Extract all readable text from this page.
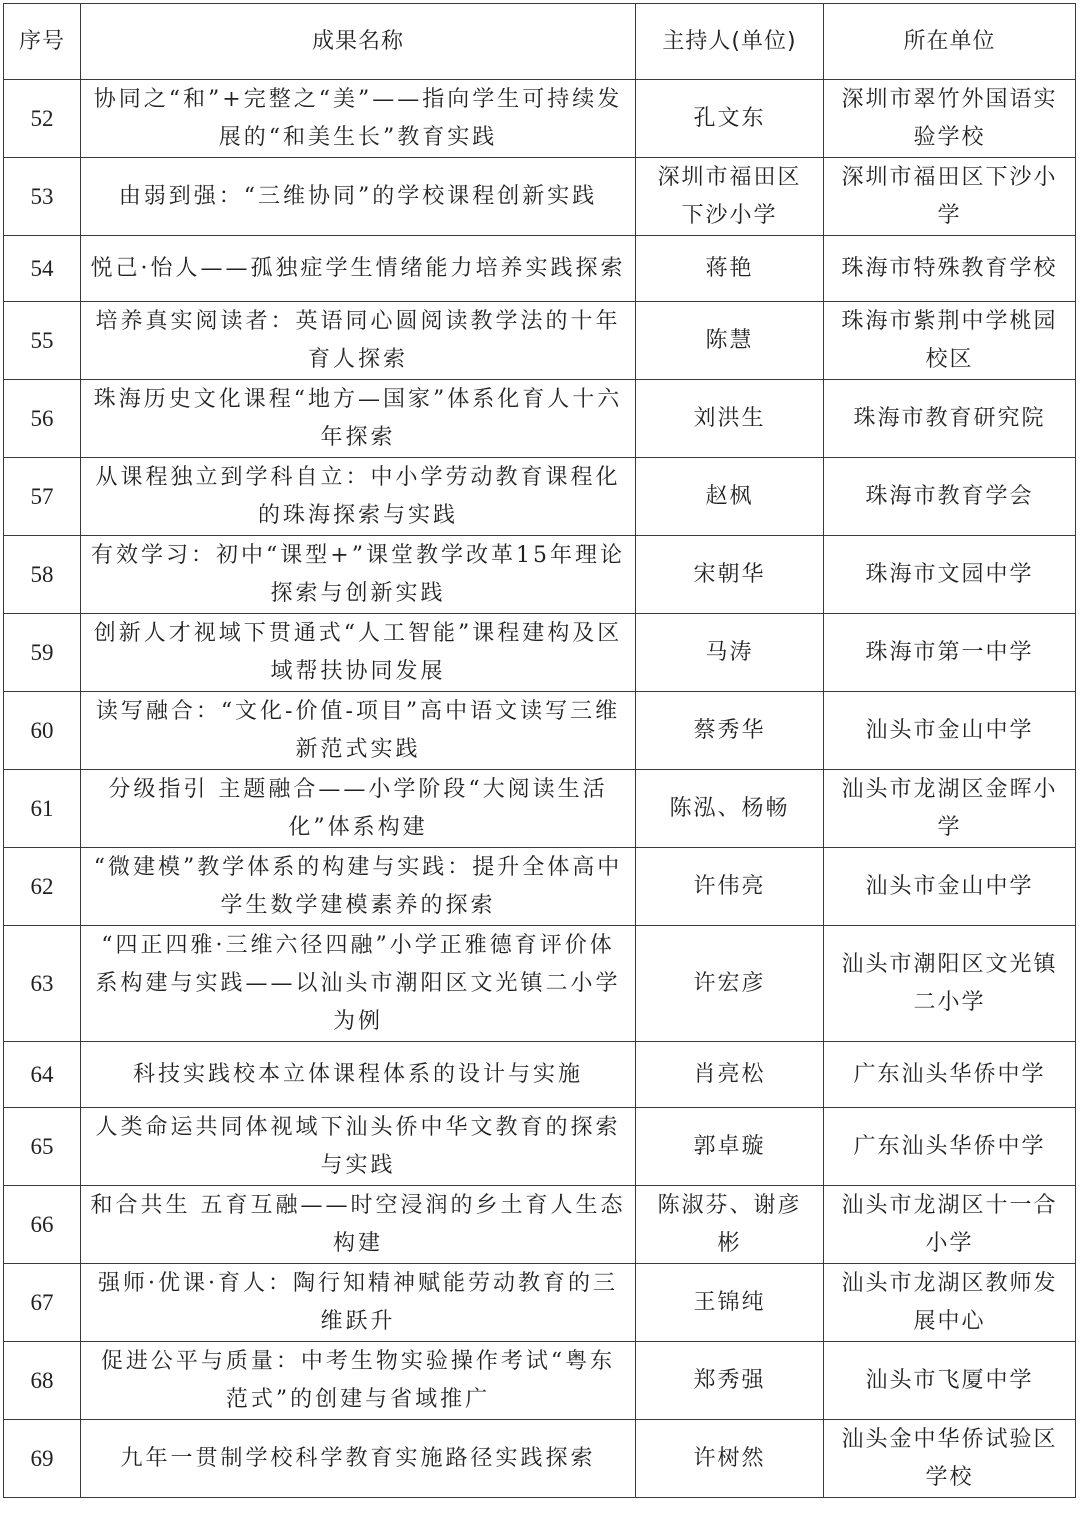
序号	成果名称	主持人(单位)	所在单位
52	协同之“和”+完整之“美”——指向学生可持续发展的“和美生长”教育实践	孔文东	深圳市翠竹外国语实验学校
53	由弱到强：“三维协同”的学校课程创新实践	深圳市福田区下沙小学	深圳市福田区下沙小学
54	悦己·怡人——孤独症学生情绪能力培养实践探索	蒋艳	珠海市特殊教育学校
55	培养真实阅读者：英语同心圆阅读教学法的十年育人探索	陈慧	珠海市紫荆中学桃园校区
56	珠海历史文化课程“地方—国家”体系化育人十六年探索	刘洪生	珠海市教育研究院
57	从课程独立到学科自立：中小学劳动教育课程化的珠海探索与实践	赵枫	珠海市教育学会
58	有效学习：初中“课型+”课堂教学改革15年理论探索与创新实践	宋朝华	珠海市文园中学
59	创新人才视域下贯通式“人工智能”课程建构及区域帮扶协同发展	马涛	珠海市第一中学
60	读写融合：“文化-价值-项目”高中语文读写三维新范式实践	蔡秀华	汕头市金山中学
61	分级指引 主题融合——小学阶段“大阅读生活化”体系构建	陈泓、杨畅	汕头市龙湖区金晖小学
62	“微建模”教学体系的构建与实践：提升全体高中学生数学建模素养的探索	许伟亮	汕头市金山中学
63	“四正四雅·三维六径四融”小学正雅德育评价体系构建与实践——以汕头市潮阳区文光镇二小学为例	许宏彦	汕头市潮阳区文光镇二小学
64	科技实践校本立体课程体系的设计与实施	肖亮松	广东汕头华侨中学
65	人类命运共同体视域下汕头侨中华文教育的探索与实践	郭卓璇	广东汕头华侨中学
66	和合共生 五育互融——时空浸润的乡土育人生态构建	陈淑芬、谢彦彬	汕头市龙湖区十一合小学
67	强师·优课·育人：陶行知精神赋能劳动教育的三维跃升	王锦纯	汕头市龙湖区教师发展中心
68	促进公平与质量：中考生物实验操作考试“粤东范式”的创建与省域推广	郑秀强	汕头市飞厦中学
69	九年一贯制学校科学教育实施路径实践探索	许树然	汕头金中华侨试验区学校
